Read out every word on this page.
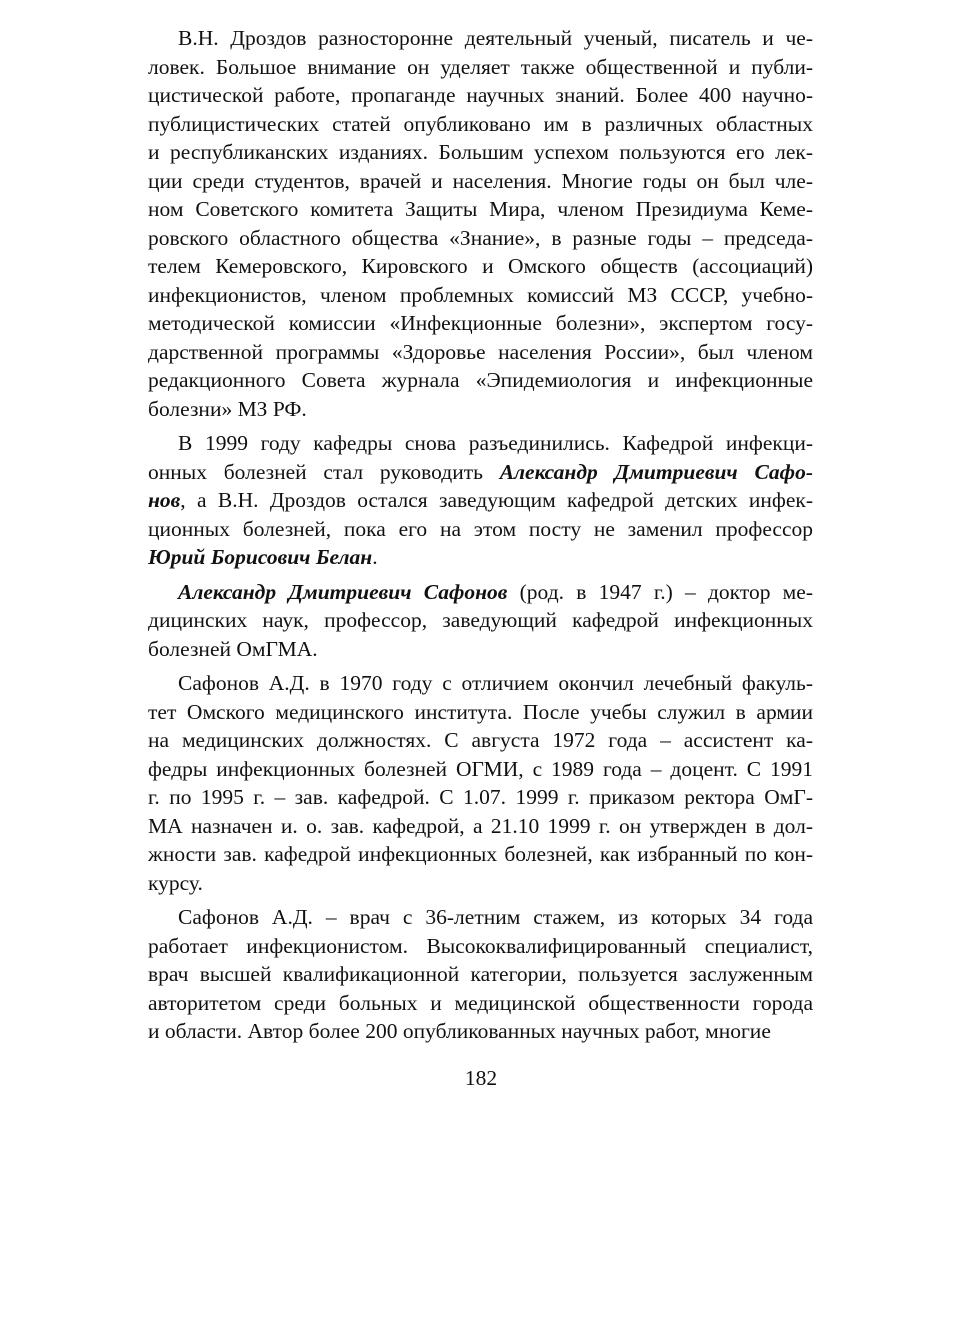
В.Н. Дроздов разносторонне деятельный ученый, писатель и че-
ловек. Большое внимание он уделяет также общественной и публи-
цистической работе, пропаганде научных знаний. Более 400 научно-
публицистических статей опубликовано им в различных областных
и республиканских изданиях. Большим успехом пользуются его лек-
ции среди студентов, врачей и населения. Многие годы он был чле-
ном Советского комитета Защиты Мира, членом Президиума Кеме-
ровского областного общества «Знание», в разные годы – председа-
телем Кемеровского, Кировского и Омского обществ (ассоциаций)
инфекционистов, членом проблемных комиссий МЗ СССР, учебно-
методической комиссии «Инфекционные болезни», экспертом госу-
дарственной программы «Здоровье населения России», был членом
редакционного Совета журнала «Эпидемиология и инфекционные
болезни» МЗ РФ.
В 1999 году кафедры снова разъединились. Кафедрой инфекци-
онных болезней стал руководить Александр Дмитриевич Сафо-
нов, а В.Н. Дроздов остался заведующим кафедрой детских инфек-
ционных болезней, пока его на этом посту не заменил профессор
Юрий Борисович Белан.
Александр Дмитриевич Сафонов (род. в 1947 г.) – доктор ме-
дицинских наук, профессор, заведующий кафедрой инфекционных
болезней ОмГМА.
Сафонов А.Д. в 1970 году с отличием окончил лечебный факуль-
тет Омского медицинского института. После учебы служил в армии
на медицинских должностях. С августа 1972 года – ассистент ка-
федры инфекционных болезней ОГМИ, с 1989 года – доцент. С 1991
г. по 1995 г. – зав. кафедрой. С 1.07. 1999 г. приказом ректора ОмГ-
МА назначен и. о. зав. кафедрой, а 21.10 1999 г. он утвержден в дол-
жности зав. кафедрой инфекционных болезней, как избранный по кон-
курсу.
Сафонов А.Д. – врач с 36-летним стажем, из которых 34 года
работает инфекционистом. Высококвалифицированный специалист,
врач высшей квалификационной категории, пользуется заслуженным
авторитетом среди больных и медицинской общественности города
и области. Автор более 200 опубликованных научных работ, многие
182
